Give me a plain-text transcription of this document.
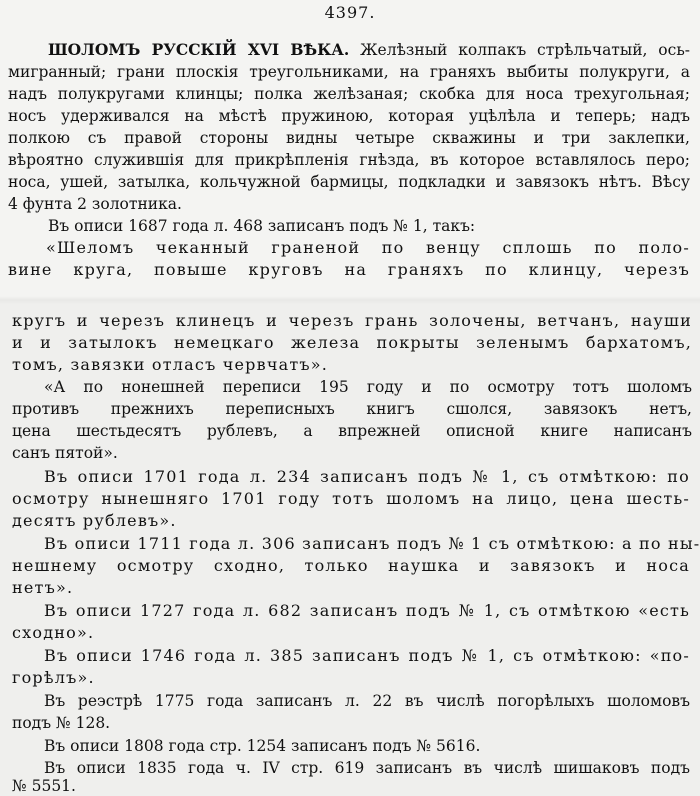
4397.
ШОЛОМЪ РУССКІЙ XVI ВѢКА. Желѣзный колпакъ стрѣльчатый, ось-
мигранный; грани плоскія треугольниками, на граняхъ выбиты полукруги, а
надъ полукругами клинцы; полка желѣзаная; скобка для носа трехугольная;
носъ удерживался на мѣстѣ пружиною, которая уцѣлѣла и теперь; надъ
полкою съ правой стороны видны четыре скважины и три заклепки,
вѣроятно служившія для прикрѣпленія гнѣзда, въ которое вставлялось перо;
носа, ушей, затылка, кольчужной бармицы, подкладки и завязокъ нѣтъ. Вѣсу
4 фунта 2 золотника.
Въ описи 1687 года л. 468 записанъ подъ № 1, такъ:
«Шеломъ чеканный граненой по венцу сплошь по поло-
вине круга, повыше круговъ на граняхъ по клинцу, черезъ
кругъ и черезъ клинецъ и черезъ грань золочены, ветчанъ, науши
и и затылокъ немецкаго железа покрыты зеленымъ бархатомъ,
томъ, завязки отласъ червчатъ».
«А по нонешней переписи 195 году и по осмотру тотъ шоломъ
противъ прежнихъ переписныхъ книгъ сшолся, завязокъ нетъ,
цена шестьдесятъ рублевъ, а впрежней описной книге написанъ
санъ пятой».
Въ описи 1701 года л. 234 записанъ подъ № 1, съ отмѣткою: по
осмотру нынешняго 1701 году тотъ шоломъ на лицо, цена шесть-
десятъ рублевъ».
Въ описи 1711 года л. 306 записанъ подъ № 1 съ отмѣткою: а по ны-
нешнему осмотру сходно, только наушка и завязокъ и носа
нетъ».
Въ описи 1727 года л. 682 записанъ подъ № 1, съ отмѣткою «есть
сходно».
Въ описи 1746 года л. 385 записанъ подъ № 1, съ отмѣткою: «по-
горѣлъ».
Въ реэстрѣ 1775 года записанъ л. 22 въ числѣ погорѣлыхъ шоломовъ
подъ № 128.
Въ описи 1808 года стр. 1254 записанъ подъ № 5616.
Въ описи 1835 года ч. IV стр. 619 записанъ въ числѣ шишаковъ подъ
№ 5551.
